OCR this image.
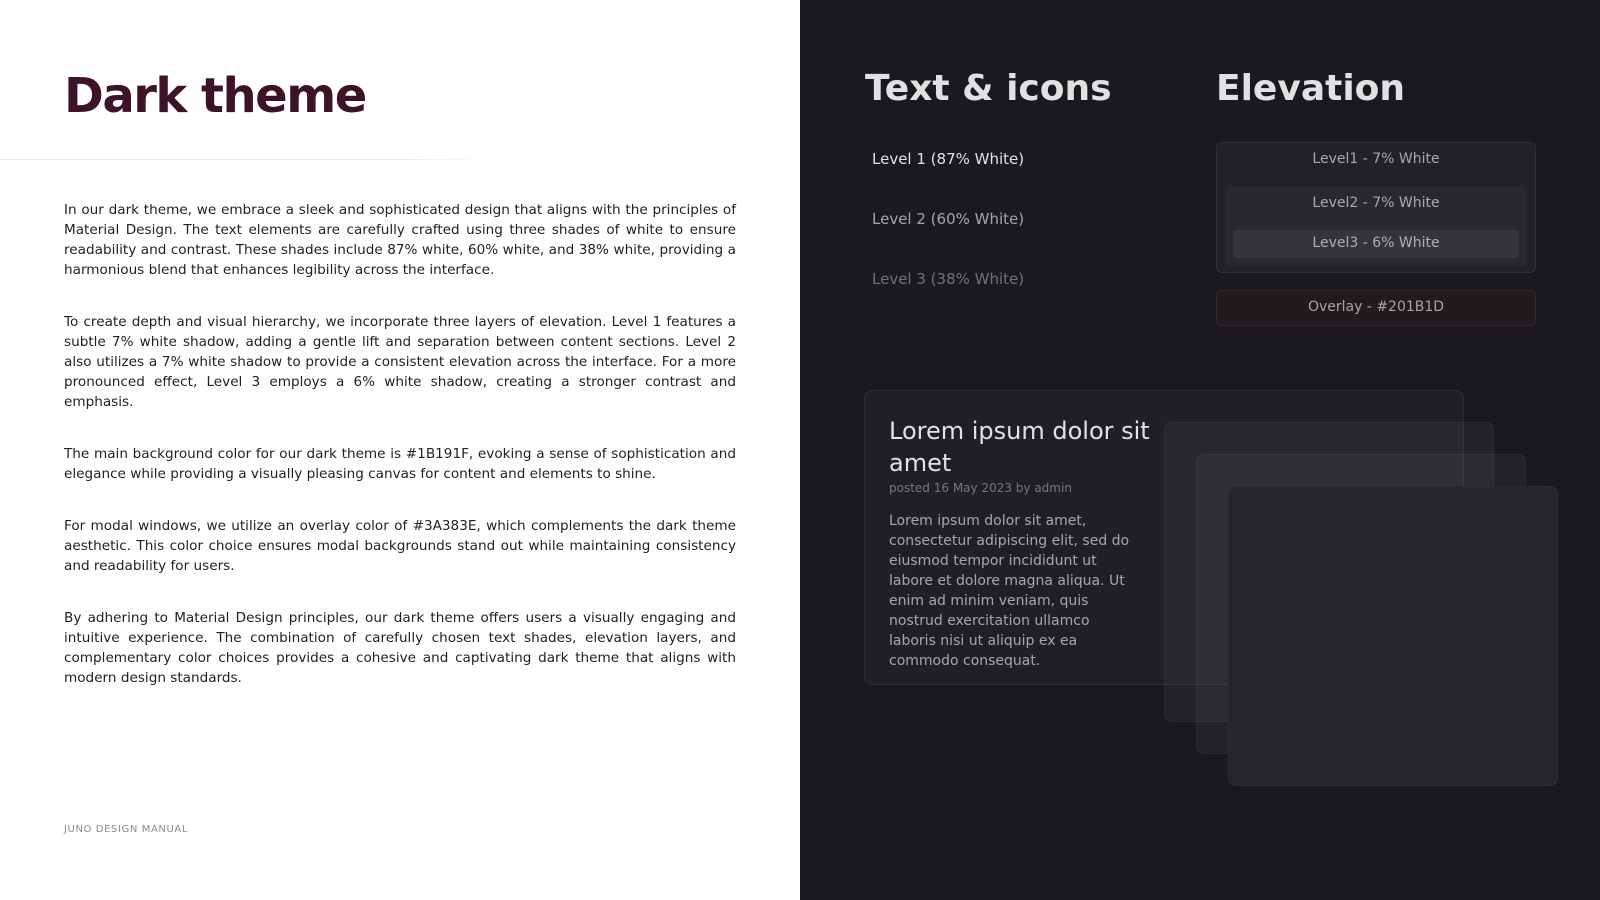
Dark theme

In our dark theme, we embrace a sleek and sophisticated design that aligns with the principles of Material Design. The text elements are carefully crafted using three shades of white to ensure readability and contrast. These shades include 87% white, 60% white, and 38% white, providing a harmonious blend that enhances legibility across the interface.

To create depth and visual hierarchy, we incorporate three layers of elevation. Level 1 features a subtle 7% white shadow, adding a gentle lift and separation between content sections. Level 2 also utilizes a 7% white shadow to provide a consistent elevation across the interface. For a more pronounced effect, Level 3 employs a 6% white shadow, creating a stronger contrast and emphasis.

The main background color for our dark theme is #1B191F, evoking a sense of sophistication and elegance while providing a visually pleasing canvas for content and elements to shine.

For modal windows, we utilize an overlay color of #3A383E, which complements the dark theme aesthetic. This color choice ensures modal backgrounds stand out while maintaining consistency and readability for users.

By adhering to Material Design principles, our dark theme offers users a visually engaging and intuitive experience. The combination of carefully chosen text shades, elevation layers, and complementary color choices provides a cohesive and captivating dark theme that aligns with modern design standards.

JUNO DESIGN MANUAL
Text & icons
Level 1 (87% White)
Level 2 (60% White)
Level 3 (38% White)
Elevation
Level1 - 7% White
Level2 - 7% White
Level3 - 6% White
Overlay - #201B1D
Lorem ipsum dolor sit amet
posted 16 May 2023 by admin

Lorem ipsum dolor sit amet, consectetur adipiscing elit, sed do eiusmod tempor incididunt ut labore et dolore magna aliqua. Ut enim ad minim veniam, quis nostrud exercitation ullamco laboris nisi ut aliquip ex ea commodo consequat.
